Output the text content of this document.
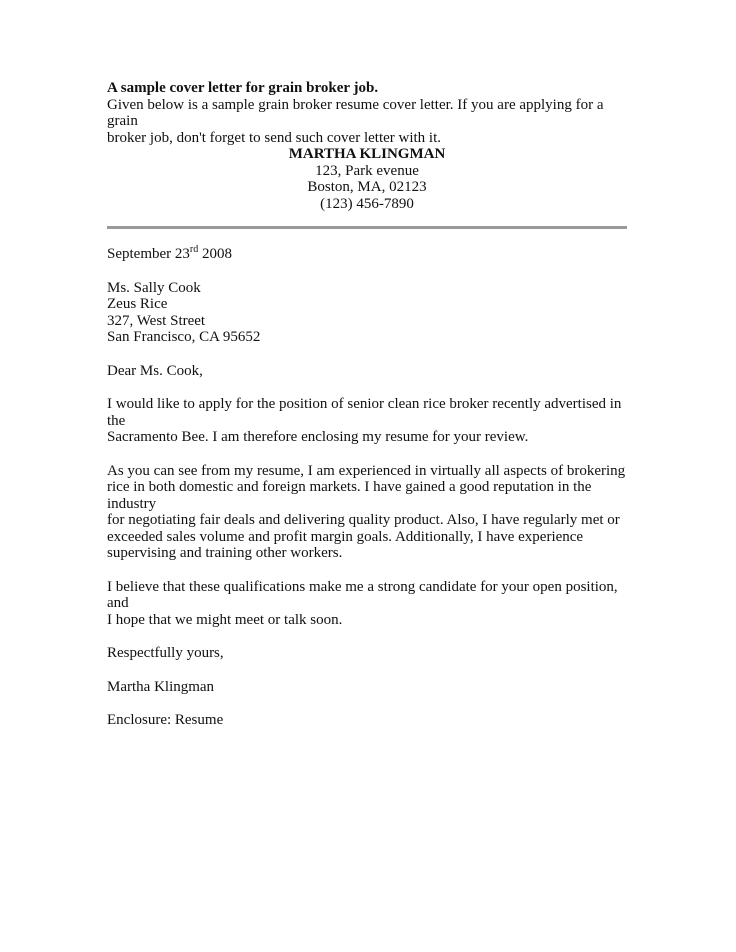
A sample cover letter for grain broker job.

Given below is a sample grain broker resume cover letter. If you are applying for a grain
broker job, don't forget to send such cover letter with it.

MARTHA KLINGMAN
123, Park evenue
Boston, MA, 02123
(123) 456-7890

September 23rd 2008

Ms. Sally Cook
Zeus Rice
327, West Street
San Francisco, CA 95652

Dear Ms. Cook,

I would like to apply for the position of senior clean rice broker recently advertised in the
Sacramento Bee. I am therefore enclosing my resume for your review.

As you can see from my resume, I am experienced in virtually all aspects of brokering
rice in both domestic and foreign markets. I have gained a good reputation in the industry
for negotiating fair deals and delivering quality product. Also, I have regularly met or
exceeded sales volume and profit margin goals. Additionally, I have experience
supervising and training other workers.

I believe that these qualifications make me a strong candidate for your open position, and
I hope that we might meet or talk soon.

Respectfully yours,

Martha Klingman

Enclosure: Resume
